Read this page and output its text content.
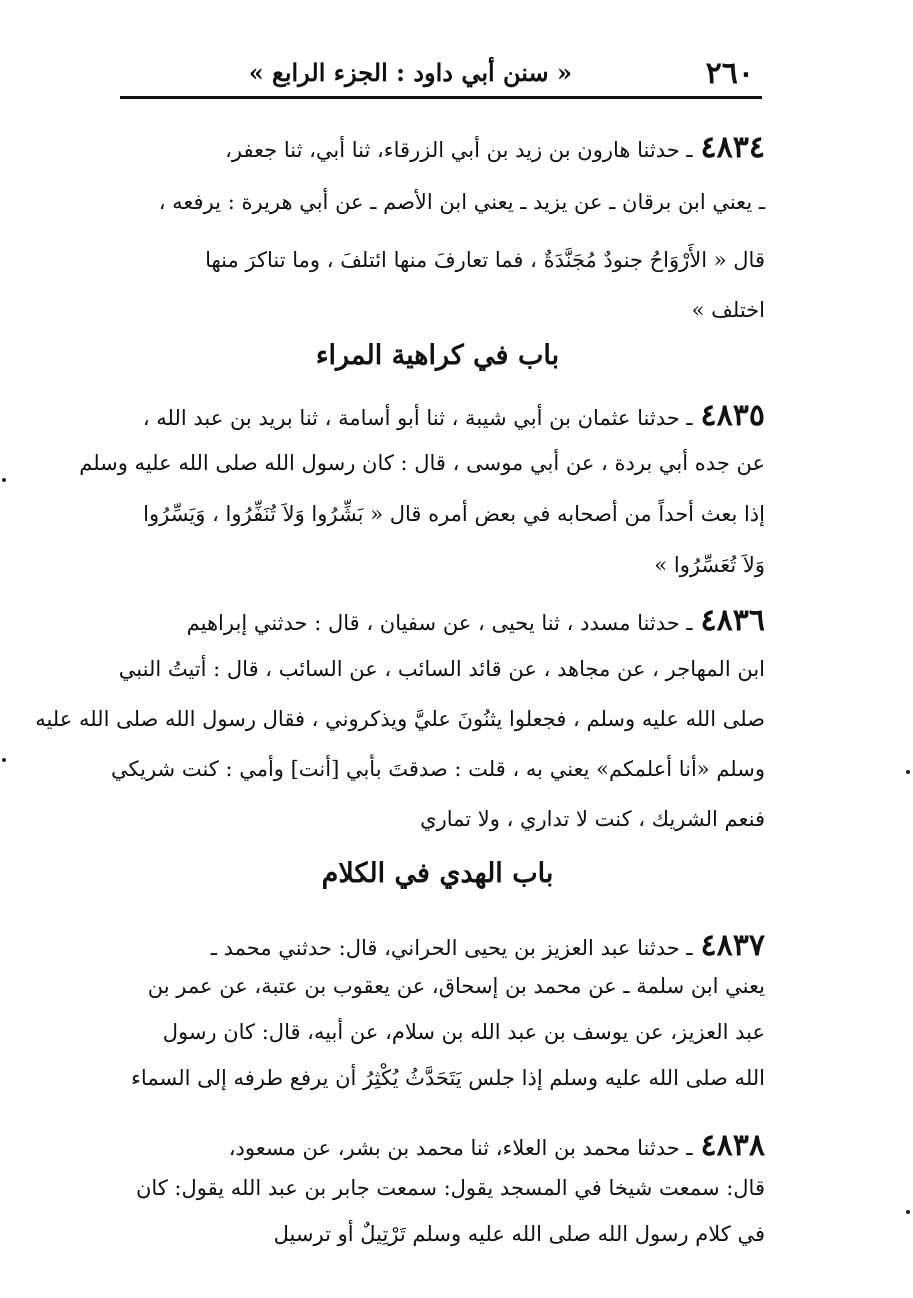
٢٦٠
« سنن أبي داود : الجزء الرابع »
٤٨٣٤ـ حدثنا هارون بن زيد بن أبي الزرقاء، ثنا أبي، ثنا جعفر،
ـ يعني ابن برقان ـ عن يزيد ـ يعني ابن الأصم ـ عن أبي هريرة : يرفعه ،
قال « الأَرْوَاحُ جنودٌ مُجَنَّدَةٌ ، فما تعارفَ منها ائتلفَ ، وما تناكرَ منها
اختلف »
باب في كراهية المراء
٤٨٣٥ـ حدثنا عثمان بن أبي شيبة ، ثنا أبو أسامة ، ثنا بريد بن عبد الله ،
عن جده أبي بردة ، عن أبي موسى ، قال : كان رسول الله صلى الله عليه وسلم
إذا بعث أحداً من أصحابه في بعض أمره قال « بَشِّرُوا وَلاَ تُنَفِّرُوا ، وَيَسِّرُوا
وَلاَ تُعَسِّرُوا »
٤٨٣٦ـ حدثنا مسدد ، ثنا يحيى ، عن سفيان ، قال : حدثني إبراهيم
ابن المهاجر ، عن مجاهد ، عن قائد السائب ، عن السائب ، قال : أتيتُ النبي
صلى الله عليه وسلم ، فجعلوا يثنُونَ عليَّ ويذكروني ، فقال رسول الله صلى الله عليه
وسلم «أنا أعلمكم» يعني به ، قلت : صدقتَ بأبي [أنت] وأمي : كنت شريكي
فنعم الشريك ، كنت لا تداري ، ولا تماري
باب الهدي في الكلام
٤٨٣٧ـ حدثنا عبد العزيز بن يحيى الحراني، قال: حدثني محمد ـ
يعني ابن سلمة ـ عن محمد بن إسحاق، عن يعقوب بن عتبة، عن عمر بن
عبد العزيز، عن يوسف بن عبد الله بن سلام، عن أبيه، قال: كان رسول
الله صلى الله عليه وسلم إذا جلس يَتَحَدَّثُ يُكْثِرُ أن يرفع طرفه إلى السماء
٤٨٣٨ـ حدثنا محمد بن العلاء، ثنا محمد بن بشر، عن مسعود،
قال: سمعت شيخا في المسجد يقول: سمعت جابر بن عبد الله يقول: كان
في كلام رسول الله صلى الله عليه وسلم تَرْتِيلٌ أو ترسيل
